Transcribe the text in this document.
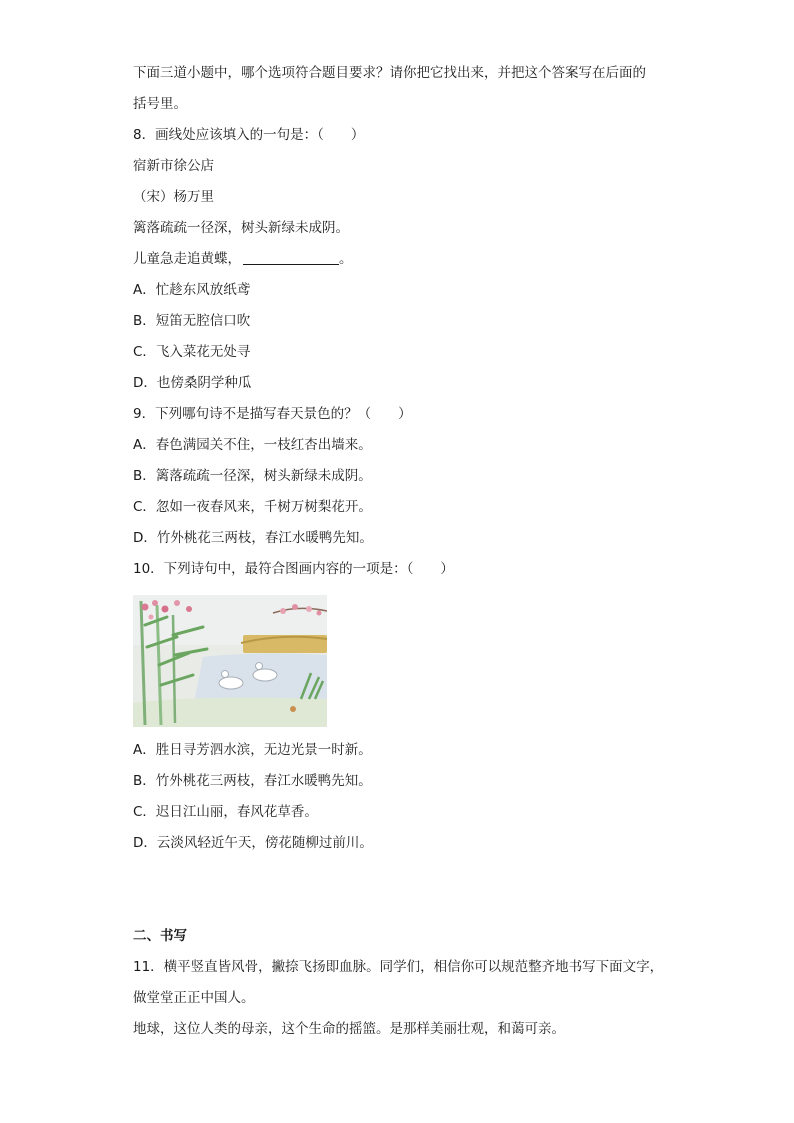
下面三道小题中，哪个选项符合题目要求？请你把它找出来，并把这个答案写在后面的
括号里。
8．画线处应该填入的一句是：（　　）
宿新市徐公店
（宋）杨万里
篱落疏疏一径深，树头新绿未成阴。
儿童急走追黄蝶，	。
A．忙趁东风放纸鸢
B．短笛无腔信口吹
C．飞入菜花无处寻
D．也傍桑阴学种瓜
9．下列哪句诗不是描写春天景色的？（　　）
A．春色满园关不住，一枝红杏出墙来。
B．篱落疏疏一径深，树头新绿未成阴。
C．忽如一夜春风来，千树万树梨花开。
D．竹外桃花三两枝，春江水暖鸭先知。
10．下列诗句中，最符合图画内容的一项是：（　　）
A．胜日寻芳泗水滨，无边光景一时新。
B．竹外桃花三两枝，春江水暖鸭先知。
C．迟日江山丽，春风花草香。
D．云淡风轻近午天，傍花随柳过前川。
二、书写
11．横平竖直皆风骨，撇捺飞扬即血脉。同学们，相信你可以规范整齐地书写下面文字，
做堂堂正正中国人。
地球，这位人类的母亲，这个生命的摇篮。是那样美丽壮观，和蔼可亲。
